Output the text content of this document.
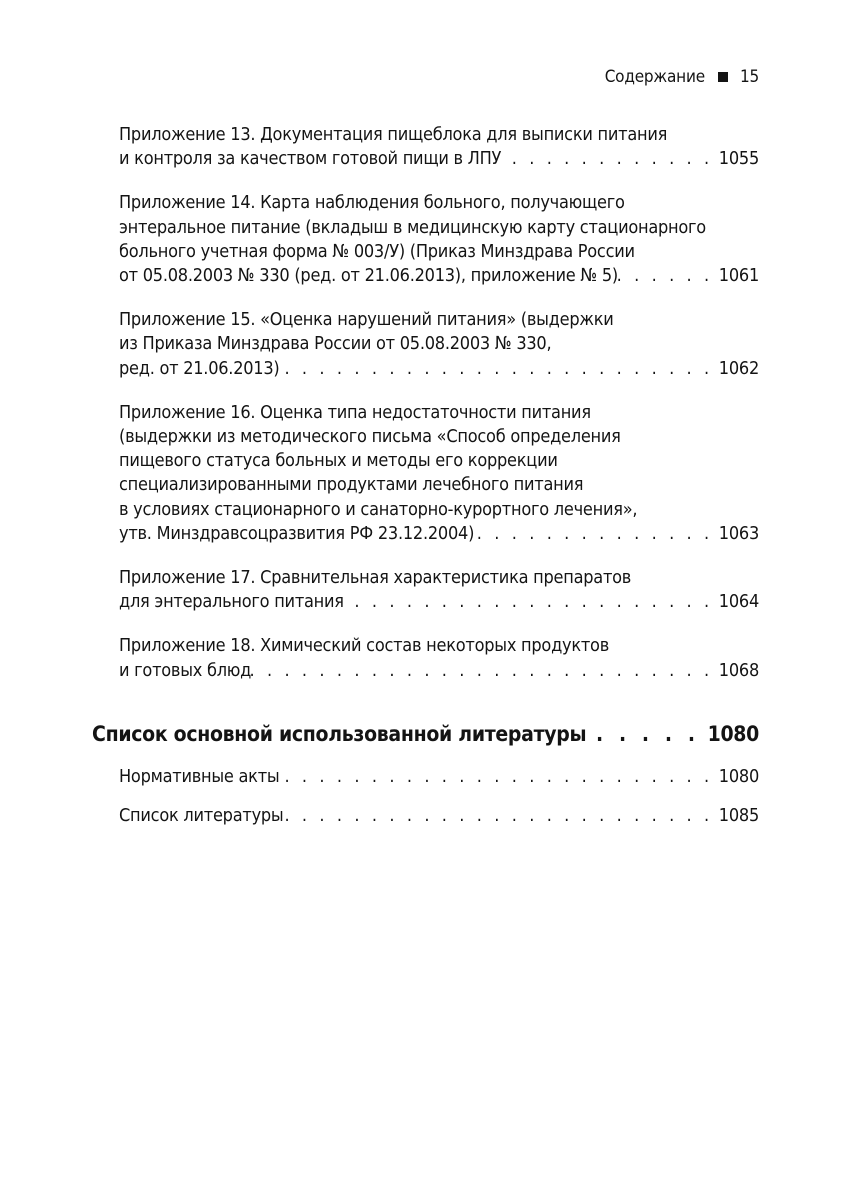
Содержание 15
Приложение 13. Документация пищеблока для выписки питания
и контроля за качеством готовой пищи в ЛПУ . . .	1055
Приложение 14. Карта наблюдения больного, получающего
энтеральное питание (вкладыш в медицинскую карту стационарного
больного учетная форма № 003/У) (Приказ Минздрава России
от 05.08.2003 № 330 (ред. от 21.06.2013), приложение № 5) . . .	1061
Приложение 15. «Оценка нарушений питания» (выдержки
из Приказа Минздрава России от 05.08.2003 № 330,
ред. от 21.06.2013) . . .	1062
Приложение 16. Оценка типа недостаточности питания
(выдержки из методического письма «Способ определения
пищевого статуса больных и методы его коррекции
специализированными продуктами лечебного питания
в условиях стационарного и санаторно-курортного лечения»,
утв. Минздравсоцразвития РФ 23.12.2004) . . .	1063
Приложение 17. Сравнительная характеристика препаратов
для энтерального питания . . .	1064
Приложение 18. Химический состав некоторых продуктов
и готовых блюд . . .	1068
Список основной использованной литературы . . .	1080
Нормативные акты . . .	1080
Список литературы . . .	1085
